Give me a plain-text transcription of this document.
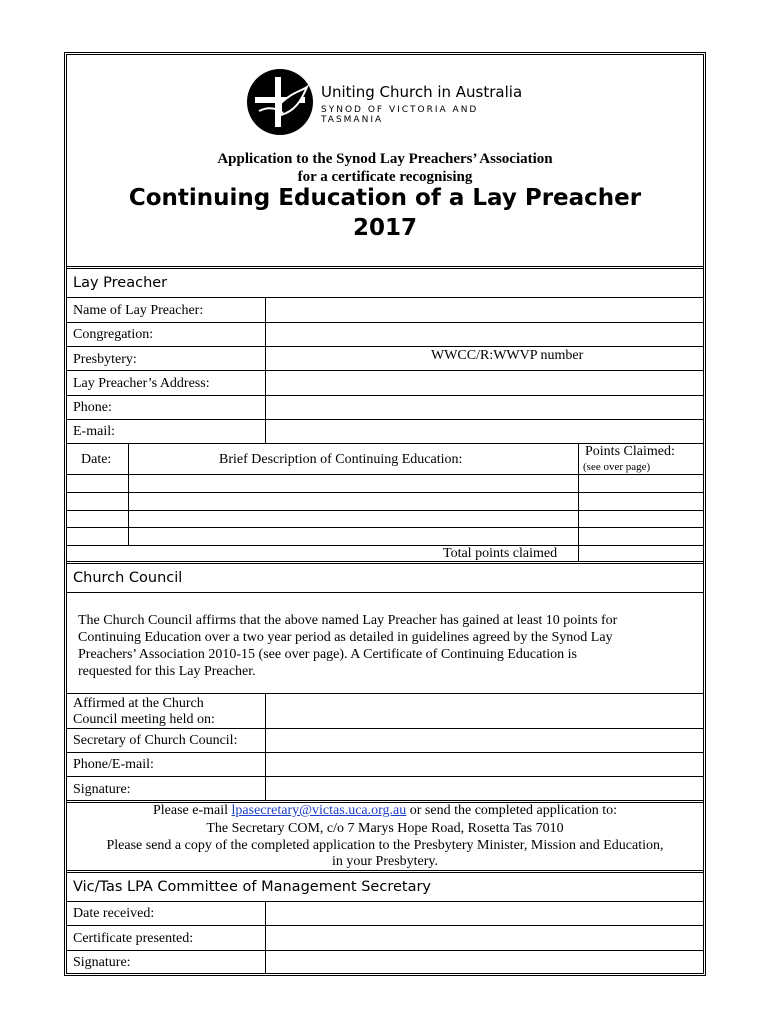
Uniting Church in Australia
SYNOD OF VICTORIA AND TASMANIA
Application to the Synod Lay Preachers’ Association
for a certificate recognising
Continuing Education of a Lay Preacher
2017
Lay Preacher
Name of Lay Preacher:
Congregation:
Presbytery:	WWCC/R:WWVP number
Lay Preacher’s Address:
Phone:
E-mail:
Date:	Brief Description of Continuing Education:
Points Claimed:
(see over page)
Total points claimed
Church Council
The Church Council affirms that the above named Lay Preacher has gained at least 10 points for
Continuing Education over a two year period as detailed in guidelines agreed by the Synod Lay
Preachers’ Association 2010-15 (see over page). A Certificate of Continuing Education is
requested for this Lay Preacher.
Affirmed at the Church
Council meeting held on:
Secretary of Church Council:
Phone/E-mail:
Signature:
Please e-mail lpasecretary@victas.uca.org.au or send the completed application to:
The Secretary COM, c/o 7 Marys Hope Road, Rosetta Tas 7010
Please send a copy of the completed application to the Presbytery Minister, Mission and Education,
in your Presbytery.
Vic/Tas LPA Committee of Management Secretary
Date received:
Certificate presented:
Signature:
